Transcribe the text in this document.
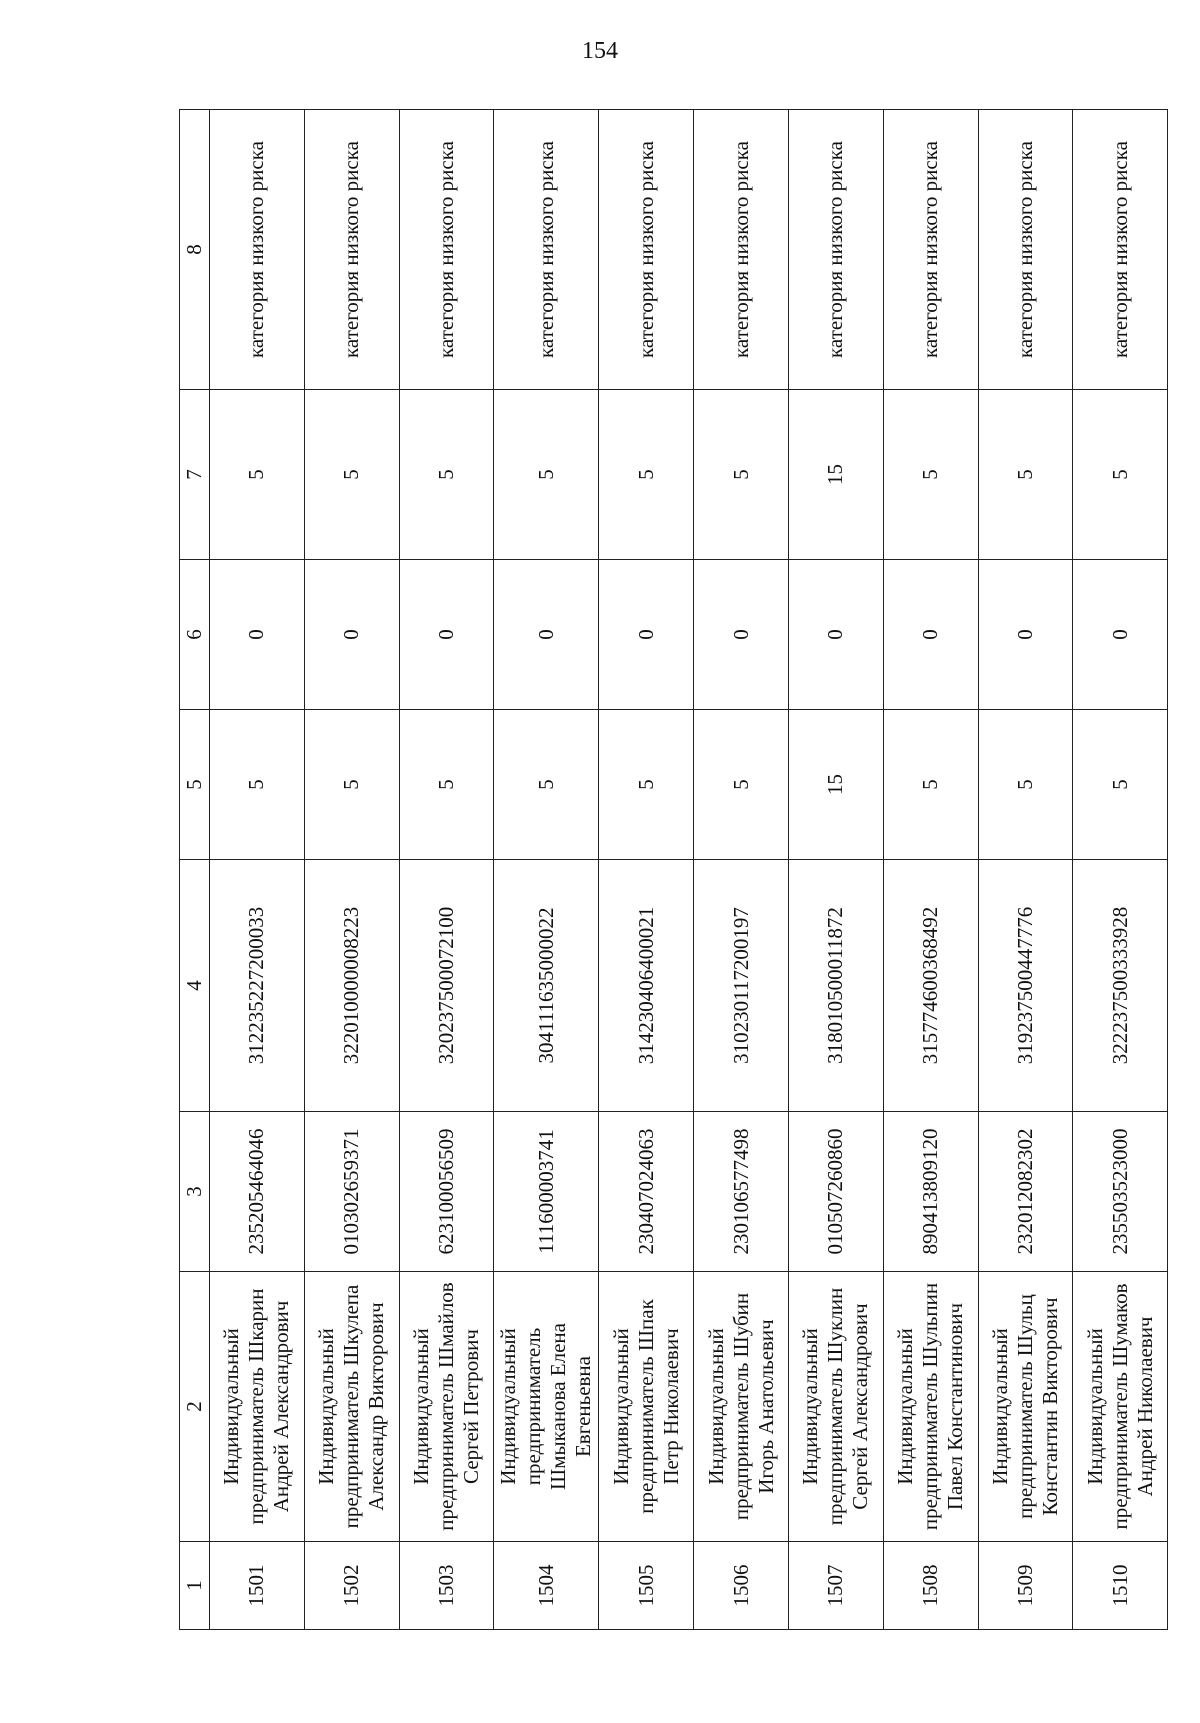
154
1	2	3	4	5	6	7	8
1501	Индивидуальный предприниматель Шкарин Андрей Александрович	235205464046	312235227200033	5	0	5	категория низкого риска
1502	Индивидуальный предприниматель Шкулепа Александр Викторович	010302659371	322010000008223	5	0	5	категория низкого риска
1503	Индивидуальный предприниматель Шмайлов Сергей Петрович	623100056509	320237500072100	5	0	5	категория низкого риска
1504	Индивидуальный предприниматель Шмыканова Елена Евгеньевна	111600003741	304111635000022	5	0	5	категория низкого риска
1505	Индивидуальный предприниматель Шпак Петр Николаевич	230407024063	314230406400021	5	0	5	категория низкого риска
1506	Индивидуальный предприниматель Шубин Игорь Анатольевич	230106577498	310230117200197	5	0	5	категория низкого риска
1507	Индивидуальный предприниматель Шуклин Сергей Александрович	010507260860	318010500011872	15	0	15	категория низкого риска
1508	Индивидуальный предприниматель Шульпин Павел Константинович	890413809120	315774600368492	5	0	5	категория низкого риска
1509	Индивидуальный предприниматель Шульц Константин Викторович	232012082302	319237500447776	5	0	5	категория низкого риска
1510	Индивидуальный предприниматель Шумаков Андрей Николаевич	235503523000	322237500333928	5	0	5	категория низкого риска
